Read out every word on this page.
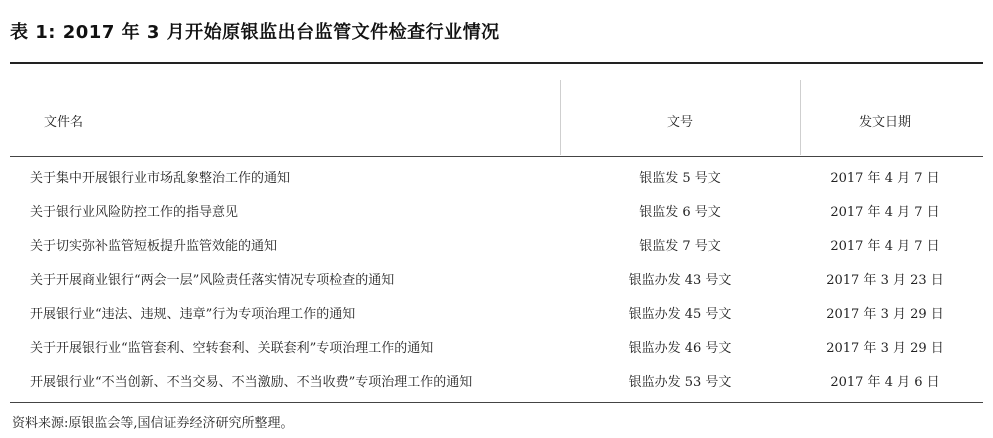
表 1: 2017 年 3 月开始原银监出台监管文件检查行业情况
文件名	文号	发文日期
关于集中开展银行业市场乱象整治工作的通知	银监发 5 号文	2017 年 4 月 7 日
关于银行业风险防控工作的指导意见	银监发 6 号文	2017 年 4 月 7 日
关于切实弥补监管短板提升监管效能的通知	银监发 7 号文	2017 年 4 月 7 日
关于开展商业银行“两会一层”风险责任落实情况专项检查的通知	银监办发 43 号文	2017 年 3 月 23 日
开展银行业“违法、违规、违章”行为专项治理工作的通知	银监办发 45 号文	2017 年 3 月 29 日
关于开展银行业“监管套利、空转套利、关联套利”专项治理工作的通知	银监办发 46 号文	2017 年 3 月 29 日
开展银行业“不当创新、不当交易、不当激励、不当收费”专项治理工作的通知	银监办发 53 号文	2017 年 4 月 6 日
资料来源:原银监会等,国信证券经济研究所整理。
